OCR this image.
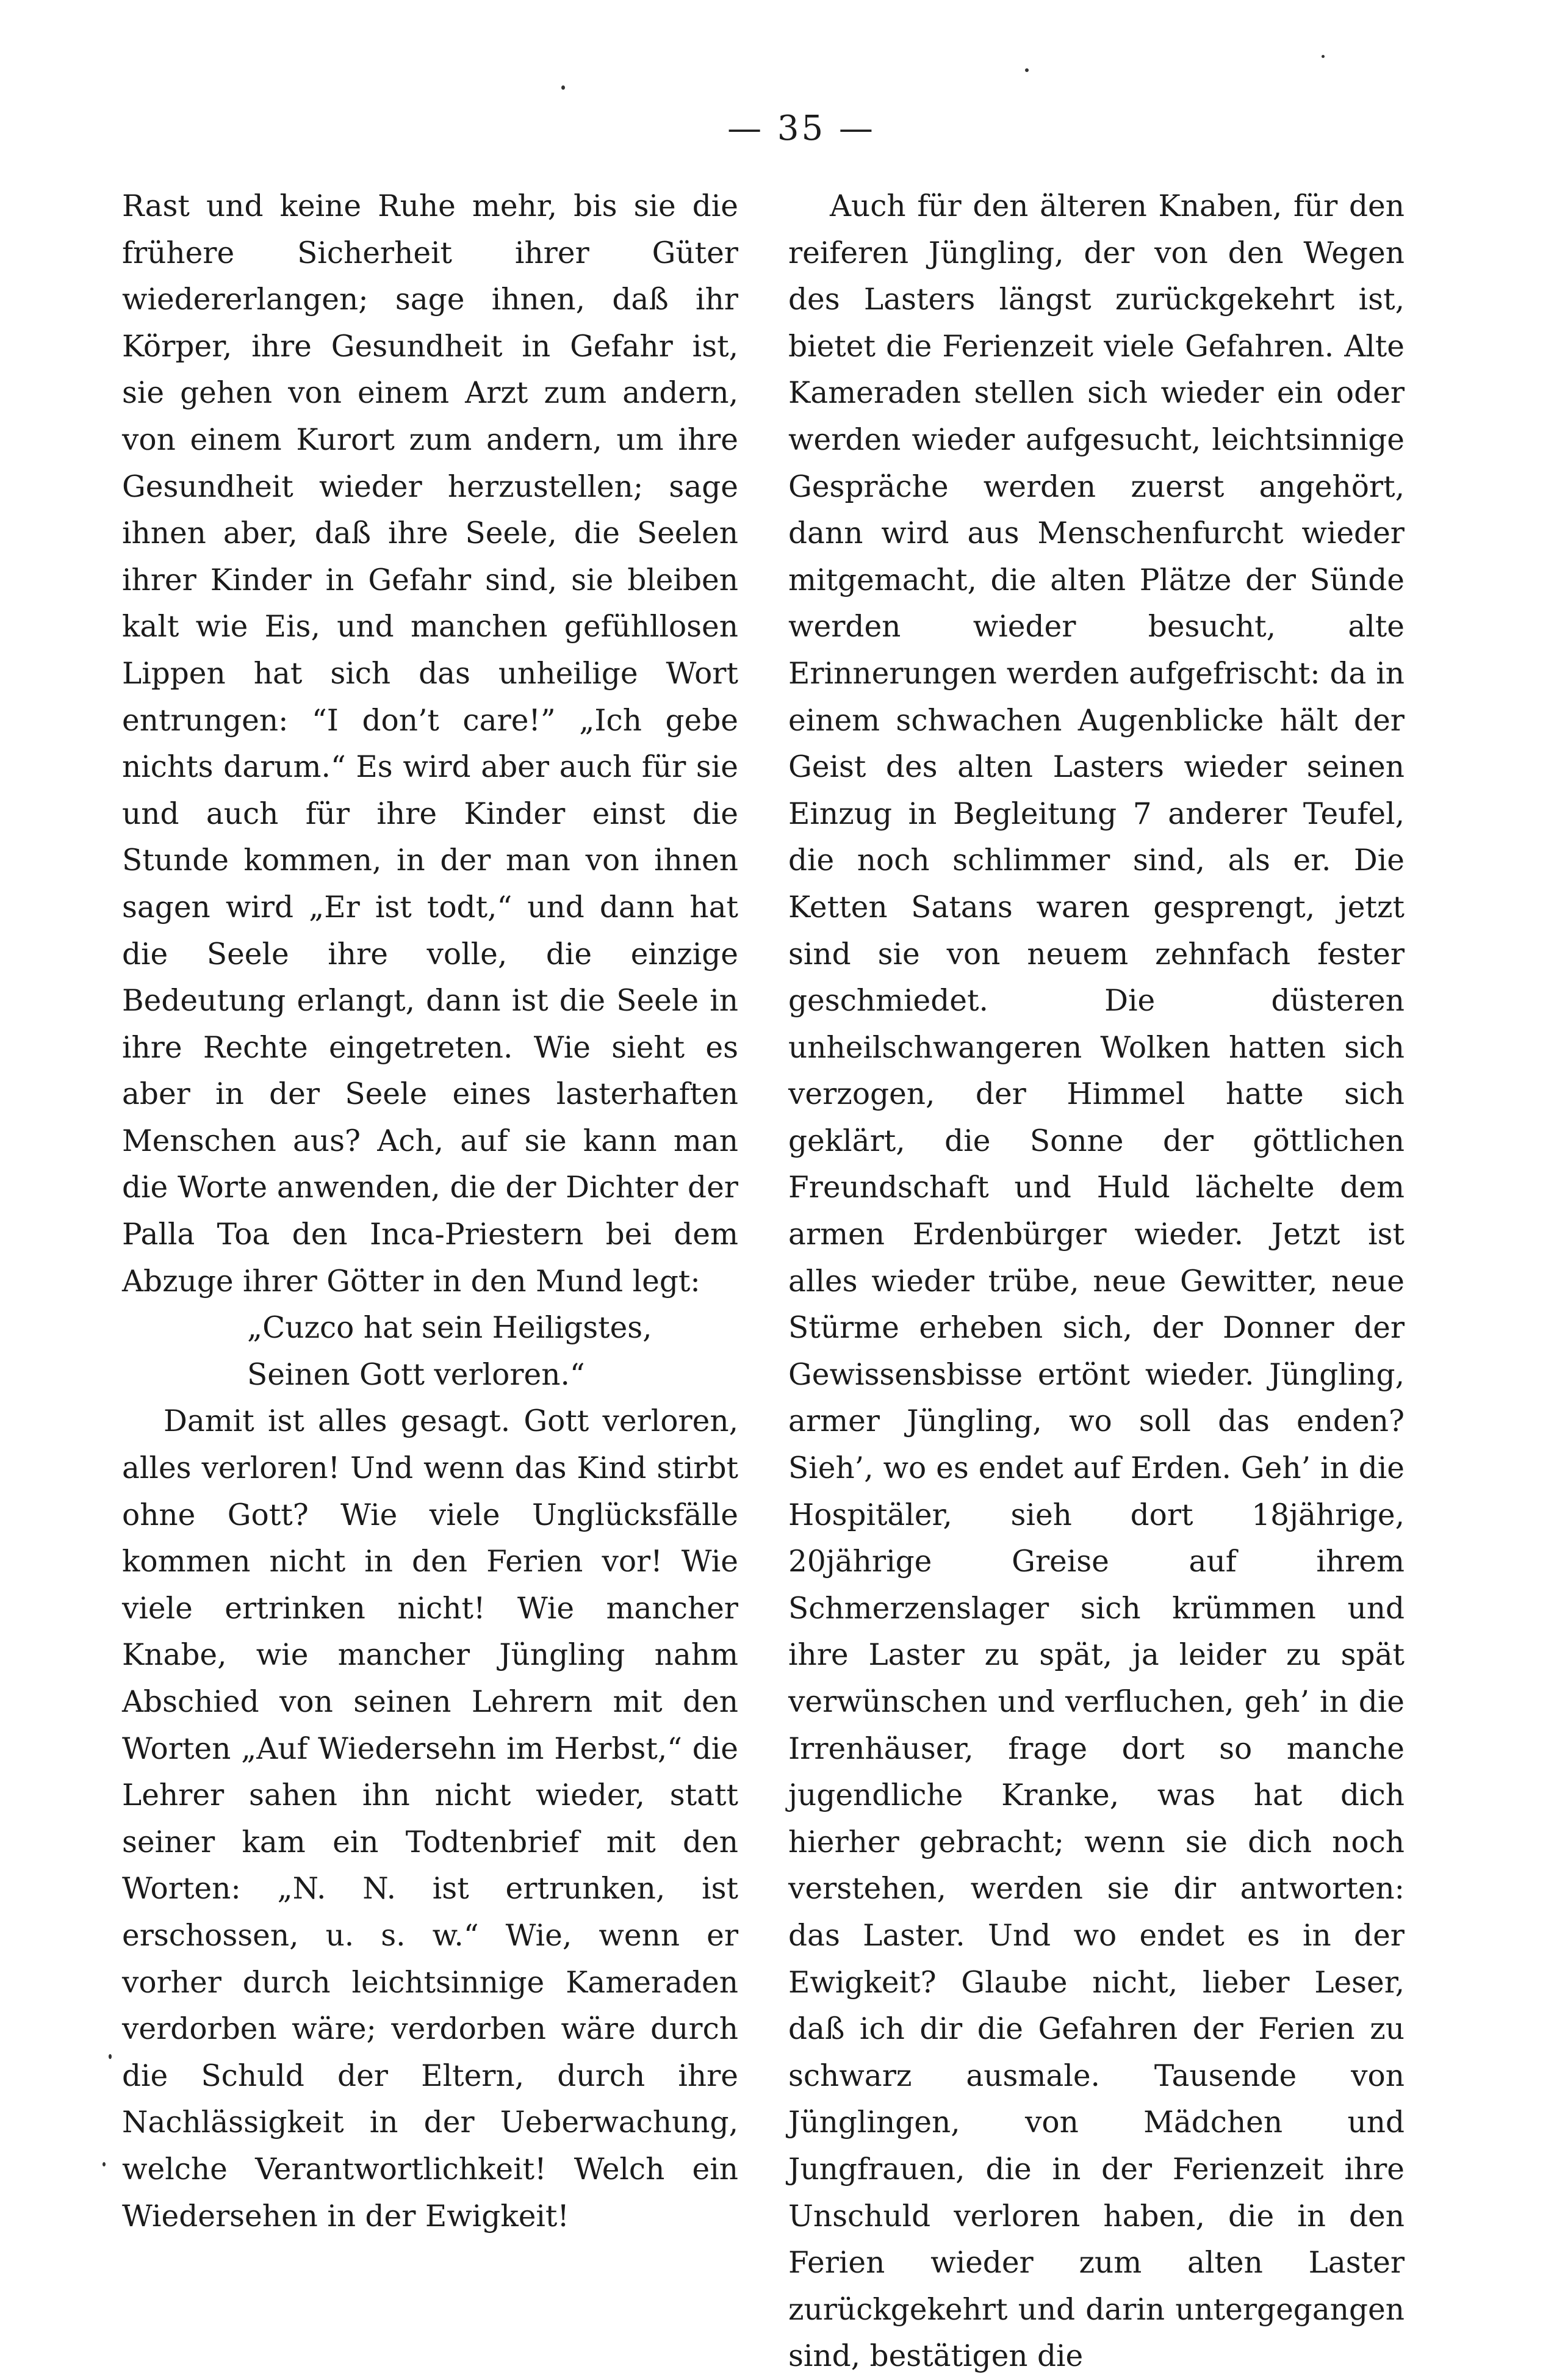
— 35 —

Rast und keine Ruhe mehr, bis sie die frühere Sicherheit ihrer Güter wiedererlangen; sage ihnen, daß ihr Körper, ihre Gesundheit in Gefahr ist, sie gehen von einem Arzt zum andern, von einem Kurort zum andern, um ihre Gesundheit wieder herzustellen; sage ihnen aber, daß ihre Seele, die Seelen ihrer Kinder in Gefahr sind, sie bleiben kalt wie Eis, und manchen gefühllosen Lippen hat sich das unheilige Wort entrungen: “I don’t care!” „Ich gebe nichts darum.“ Es wird aber auch für sie und auch für ihre Kinder einst die Stunde kommen, in der man von ihnen sagen wird „Er ist todt,“ und dann hat die Seele ihre volle, die einzige Bedeutung erlangt, dann ist die Seele in ihre Rechte eingetreten. Wie sieht es aber in der Seele eines lasterhaften Menschen aus? Ach, auf sie kann man die Worte anwenden, die der Dichter der Palla Toa den Inca-Priestern bei dem Abzuge ihrer Götter in den Mund legt:

„Cuzco hat sein Heiligstes,
Seinen Gott verloren.“

Damit ist alles gesagt. Gott verloren, alles verloren! Und wenn das Kind stirbt ohne Gott? Wie viele Unglücksfälle kommen nicht in den Ferien vor! Wie viele ertrinken nicht! Wie mancher Knabe, wie mancher Jüngling nahm Abschied von seinen Lehrern mit den Worten „Auf Wiedersehn im Herbst,“ die Lehrer sahen ihn nicht wieder, statt seiner kam ein Todtenbrief mit den Worten: „N. N. ist ertrunken, ist erschossen, u. s. w.“ Wie, wenn er vorher durch leichtsinnige Kameraden verdorben wäre; verdorben wäre durch die Schuld der Eltern, durch ihre Nachlässigkeit in der Ueberwachung, welche Verantwortlichkeit! Welch ein Wiedersehen in der Ewigkeit!

Auch für den älteren Knaben, für den reiferen Jüngling, der von den Wegen des Lasters längst zurückgekehrt ist, bietet die Ferienzeit viele Gefahren. Alte Kameraden stellen sich wieder ein oder werden wieder aufgesucht, leichtsinnige Gespräche werden zuerst angehört, dann wird aus Menschenfurcht wieder mitgemacht, die alten Plätze der Sünde werden wieder besucht, alte Erinnerungen werden aufgefrischt: da in einem schwachen Augenblicke hält der Geist des alten Lasters wieder seinen Einzug in Begleitung 7 anderer Teufel, die noch schlimmer sind, als er. Die Ketten Satans waren gesprengt, jetzt sind sie von neuem zehnfach fester geschmiedet. Die düsteren unheilschwangeren Wolken hatten sich verzogen, der Himmel hatte sich geklärt, die Sonne der göttlichen Freundschaft und Huld lächelte dem armen Erdenbürger wieder. Jetzt ist alles wieder trübe, neue Gewitter, neue Stürme erheben sich, der Donner der Gewissensbisse ertönt wieder. Jüngling, armer Jüngling, wo soll das enden? Sieh’, wo es endet auf Erden. Geh’ in die Hospitäler, sieh dort 18jährige, 20jährige Greise auf ihrem Schmerzenslager sich krümmen und ihre Laster zu spät, ja leider zu spät verwünschen und verfluchen, geh’ in die Irrenhäuser, frage dort so manche jugendliche Kranke, was hat dich hierher gebracht; wenn sie dich noch verstehen, werden sie dir antworten: das Laster. Und wo endet es in der Ewigkeit? Glaube nicht, lieber Leser, daß ich dir die Gefahren der Ferien zu schwarz ausmale. Tausende von Jünglingen, von Mädchen und Jungfrauen, die in der Ferienzeit ihre Unschuld verloren haben, die in den Ferien wieder zum alten Laster zurückgekehrt und darin untergegangen sind, bestätigen die
